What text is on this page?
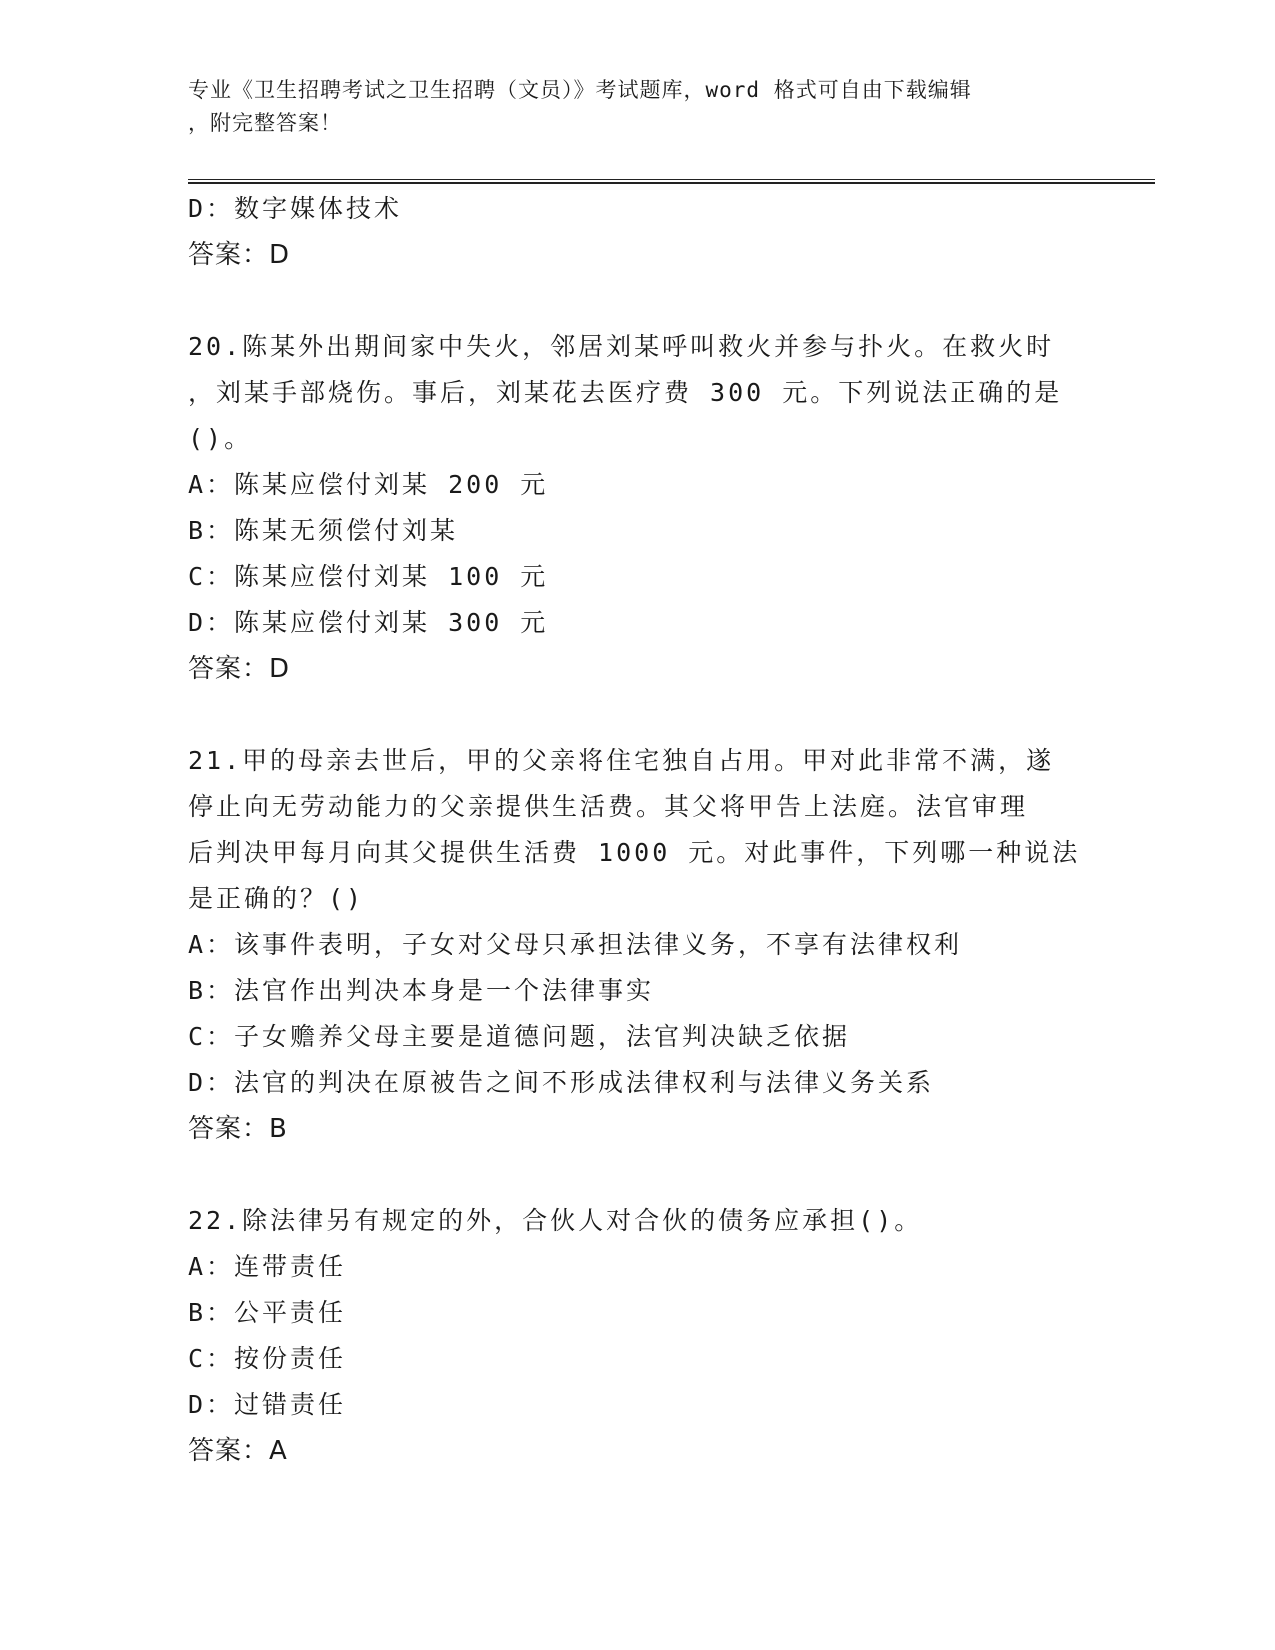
专业《卫生招聘考试之卫生招聘（文员）》考试题库，word 格式可自由下载编辑
，附完整答案！
D：数字媒体技术
答案：D
20.陈某外出期间家中失火，邻居刘某呼叫救火并参与扑火。在救火时
，刘某手部烧伤。事后，刘某花去医疗费 300 元。下列说法正确的是
()。
A：陈某应偿付刘某 200 元
B：陈某无须偿付刘某
C：陈某应偿付刘某 100 元
D：陈某应偿付刘某 300 元
答案：D
21.甲的母亲去世后，甲的父亲将住宅独自占用。甲对此非常不满，遂
停止向无劳动能力的父亲提供生活费。其父将甲告上法庭。法官审理
后判决甲每月向其父提供生活费 1000 元。对此事件，下列哪一种说法
是正确的？()
A：该事件表明，子女对父母只承担法律义务，不享有法律权利
B：法官作出判决本身是一个法律事实
C：子女赡养父母主要是道德问题，法官判决缺乏依据
D：法官的判决在原被告之间不形成法律权利与法律义务关系
答案：B
22.除法律另有规定的外，合伙人对合伙的债务应承担()。
A：连带责任
B：公平责任
C：按份责任
D：过错责任
答案：A
